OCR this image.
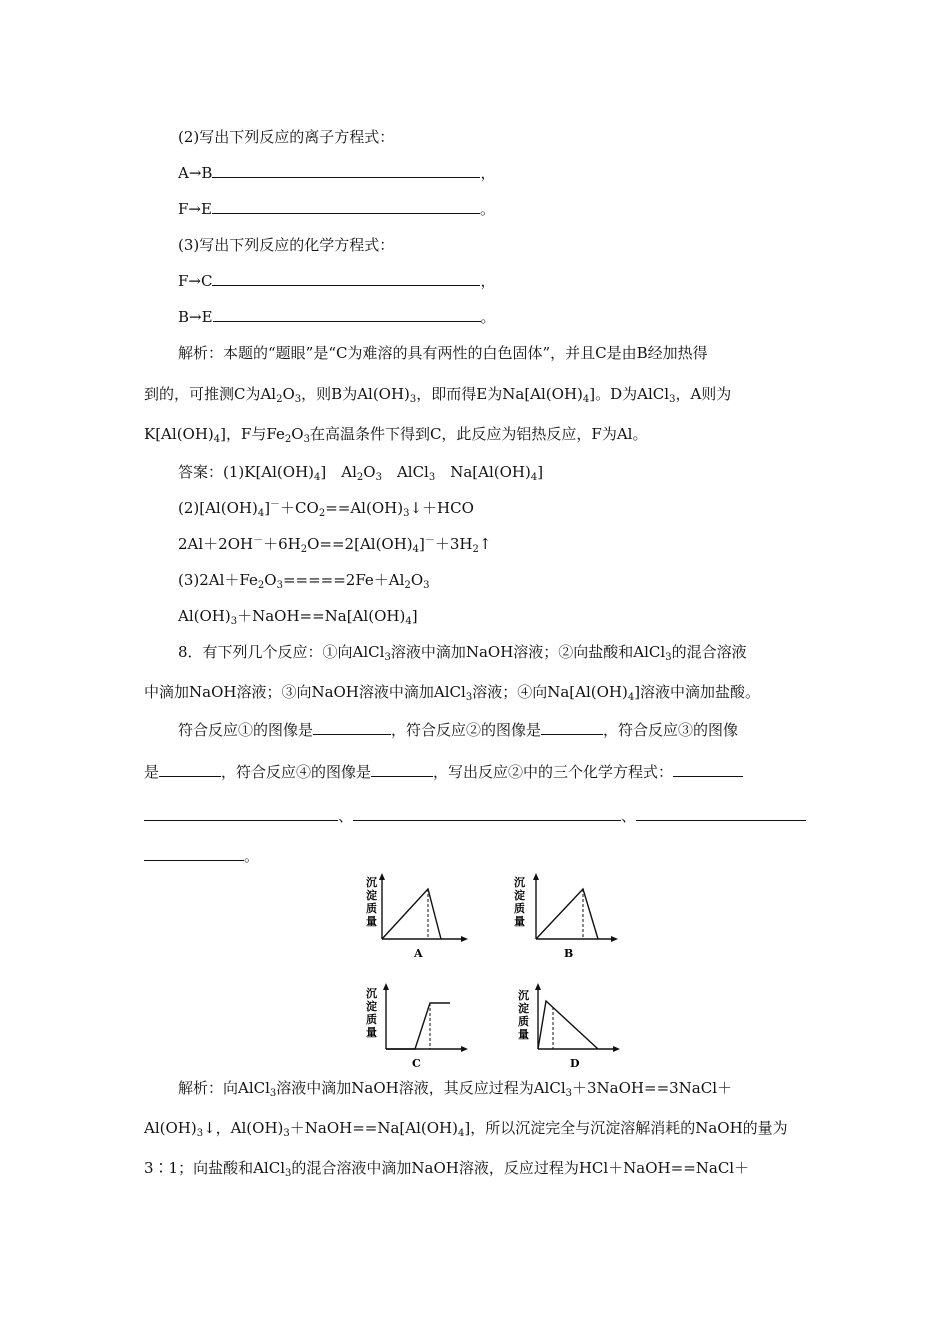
(2)写出下列反应的离子方程式：
A→B	，
F→E	。
(3)写出下列反应的化学方程式：
F→C	，
B→E	。
解析：本题的“题眼”是“C为难溶的具有两性的白色固体”，并且C是由B经加热得
到的，可推测C为$Al_2O_3$，则B为$Al(OH)_3$，即而得E为$Na[Al(OH)_4]$。D为AlCl$_3$，A则为
$K[Al(OH)_4]$，F与$Fe_2O_3$在高温条件下得到C，此反应为铝热反应，F为Al。
答案：$(1)K[Al(OH)_4]$　$Al_2O_3$　AlCl$_3$　$Na[Al(OH)_4]$
$(2)[Al(OH)_4]^-+CO_2==Al(OH)_3↓+HCO$
$2Al+2OH^-+6H_2O==2[Al(OH)_4]^-+3H_2↑$
$(3)2Al+Fe_2O_3=====2Fe+Al_2O_3$
$Al(OH)_3+NaOH==Na[Al(OH)_4]$
8．有下列几个反应：①向AlCl$_3$溶液中滴加NaOH溶液；②向盐酸和AlCl$_3$的混合溶液
中滴加NaOH溶液；③向NaOH溶液中滴加AlCl$_3$溶液；④向$Na[Al(OH)_4]$溶液中滴加盐酸。
符合反应①的图像是	，符合反应②的图像是	，符合反应③的图像
是	，符合反应④的图像是	，写出反应②中的三个化学方程式：
、	、
。
沉
淀
质
量
A
沉
淀
质
量
B
沉
淀
质
量
C
沉
淀
质
量
D
解析：向AlCl$_3$溶液中滴加NaOH溶液，其反应过程为AlCl$_3$＋3NaOH==3NaCl＋
$Al(OH)_3↓$，$Al(OH)_3+NaOH==Na[Al(OH)_4]$，所以沉淀完全与沉淀溶解消耗的NaOH的量为
3∶1；向盐酸和AlCl$_3$的混合溶液中滴加NaOH溶液，反应过程为HCl＋NaOH==NaCl＋
